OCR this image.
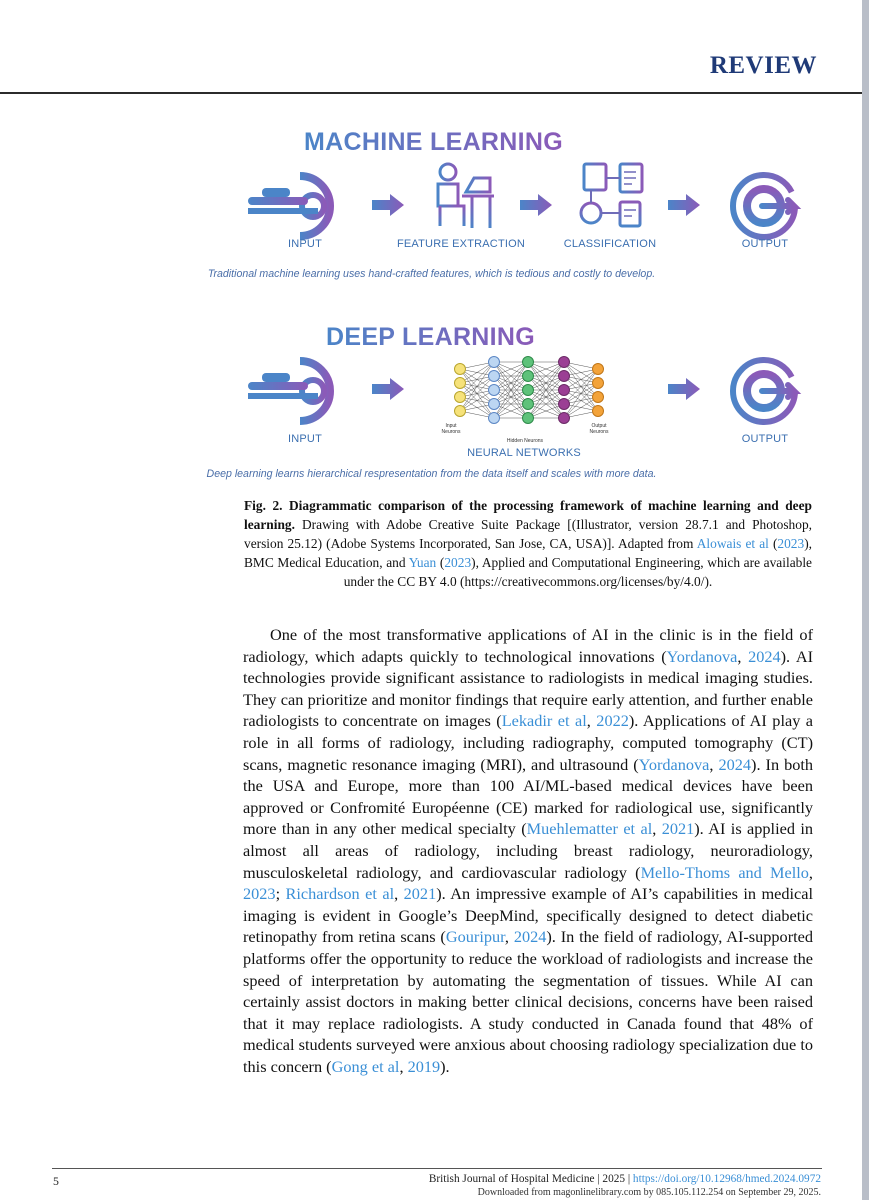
REVIEW
MACHINE LEARNING
INPUT	FEATURE EXTRACTION	CLASSIFICATION	OUTPUT
Traditional machine learning uses hand-crafted features, which is tedious and costly to develop.
DEEP LEARNING
Input
Neurons
Hidden Neurons
Output
Neurons
INPUT
NEURAL NETWORKS
OUTPUT
Deep learning learns hierarchical respresentation from the data itself and scales with more data.
Fig. 2. Diagrammatic comparison of the processing framework of machine learning and deep learning. Drawing with Adobe Creative Suite Package [(Illustrator, version 28.7.1 and Photoshop, version 25.12) (Adobe Systems Incorporated, San Jose, CA, USA)]. Adapted from Alowais et al (2023), BMC Medical Education, and Yuan (2023), Applied and Computational Engineering, which are available under the CC BY 4.0 (https://creativecommons.org/licenses/by/4.0/).

One of the most transformative applications of AI in the clinic is in the field of radiology, which adapts quickly to technological innovations (Yordanova, 2024). AI technologies provide significant assistance to radiologists in medical imaging studies. They can prioritize and monitor findings that require early attention, and further enable radiologists to concentrate on images (Lekadir et al, 2022). Applications of AI play a role in all forms of radiology, including radiography, computed tomography (CT) scans, magnetic resonance imaging (MRI), and ultrasound (Yordanova, 2024). In both the USA and Europe, more than 100 AI/ML-based medical devices have been approved or Confromité Européenne (CE) marked for radiological use, significantly more than in any other medical specialty (Muehlematter et al, 2021). AI is applied in almost all areas of radiology, including breast radiology, neuroradiology, musculoskeletal radiology, and cardiovascular radiology (Mello-Thoms and Mello, 2023; Richardson et al, 2021). An impressive example of AI’s capabilities in medical imaging is evident in Google’s DeepMind, specifically designed to detect diabetic retinopathy from retina scans (Gouripur, 2024). In the field of radiology, AI-supported platforms offer the opportunity to reduce the workload of radiologists and increase the speed of interpretation by automating the segmentation of tissues. While AI can certainly assist doctors in making better clinical decisions, concerns have been raised that it may replace radiologists. A study conducted in Canada found that 48% of medical students surveyed were anxious about choosing radiology specialization due to this concern (Gong et al, 2019).

5	British Journal of Hospital Medicine | 2025 | https://doi.org/10.12968/hmed.2024.0972
Downloaded from magonlinelibrary.com by 085.105.112.254 on September 29, 2025.
